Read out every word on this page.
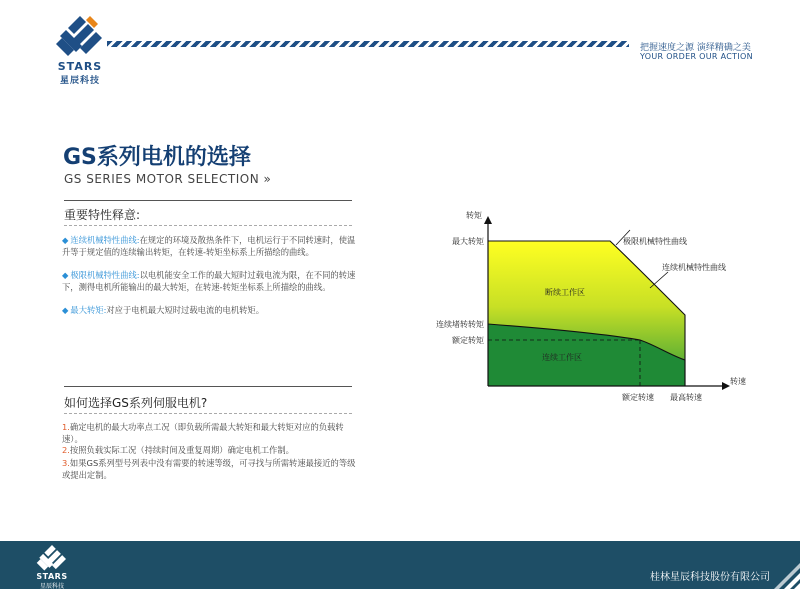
STARS
星辰科技
把握速度之源 演绎精确之美
YOUR ORDER OUR ACTION
GS系列电机的选择
GS SERIES MOTOR SELECTION »
重要特性释意:
◆ 连续机械特性曲线:在规定的环境及散热条件下，电机运行于不同转速时，使温升等于规定值的连续输出转矩，在转速-转矩坐标系上所描绘的曲线。
◆ 极限机械特性曲线:以电机能安全工作的最大短时过载电流为限，在不同的转速下，测得电机所能输出的最大转矩，在转速-转矩坐标系上所描绘的曲线。
◆ 最大转矩:对应于电机最大短时过载电流的电机转矩。
如何选择GS系列伺服电机?
1.确定电机的最大功率点工况（即负载所需最大转矩和最大转矩对应的负载转速）。
2.按照负载实际工况（持续时间及重复周期）确定电机工作制。
3.如果GS系列型号列表中没有需要的转速等级，可寻找与所需转速最接近的等级或提出定制。
转矩
转速
最大转矩
连续堵转转矩
额定转矩
额定转速 最高转速
极限机械特性曲线
连续机械特性曲线
断续工作区
连续工作区
STARS
星辰科技
桂林星辰科技股份有限公司
